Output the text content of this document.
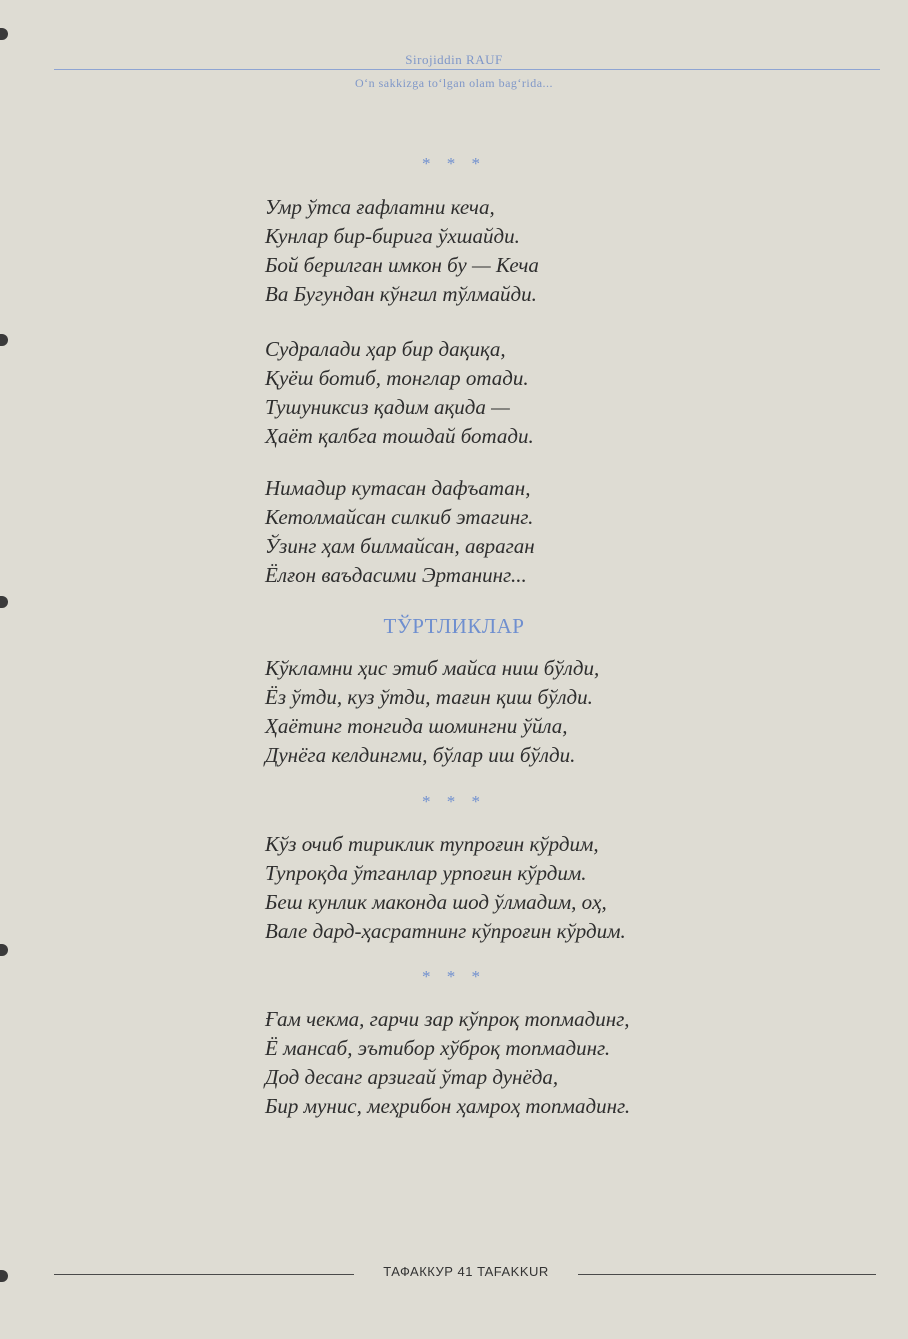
Sirojiddin RAUF
O‘n sakkizga to‘lgan olam bag‘rida...
* * *
Умр ўтса ғафлатни кеча,
Кунлар бир-бирига ўхшайди.
Бой берилган имкон бу — Кеча
Ва Бугундан кўнгил тўлмайди.
Судралади ҳар бир дақиқа,
Қуёш ботиб, тонглар отади.
Тушуниксиз қадим ақида —
Ҳаёт қалбга тошдай ботади.
Нимадир кутасан дафъатан,
Кетолмайсан силкиб этагинг.
Ўзинг ҳам билмайсан, авраган
Ёлғон ваъдасими Эртанинг...
ТЎРТЛИКЛАР
Кўкламни ҳис этиб майса ниш бўлди,
Ёз ўтди, куз ўтди, тағин қиш бўлди.
Ҳаётинг тонгида шомингни ўйла,
Дунёга келдингми, бўлар иш бўлди.
* * *
Кўз очиб тириклик тупроғин кўрдим,
Тупроқда ўтганлар урпоғин кўрдим.
Беш кунлик маконда шод ўлмадим, оҳ,
Вале дард-ҳасратнинг кўпроғин кўрдим.
* * *
Ғам чекма, гарчи зар кўпроқ топмадинг,
Ё мансаб, эътибор хўброқ топмадинг.
Дод десанг арзигай ўтар дунёда,
Бир мунис, меҳрибон ҳамроҳ топмадинг.
ТАФАККУР 41 TAFAKKUR
